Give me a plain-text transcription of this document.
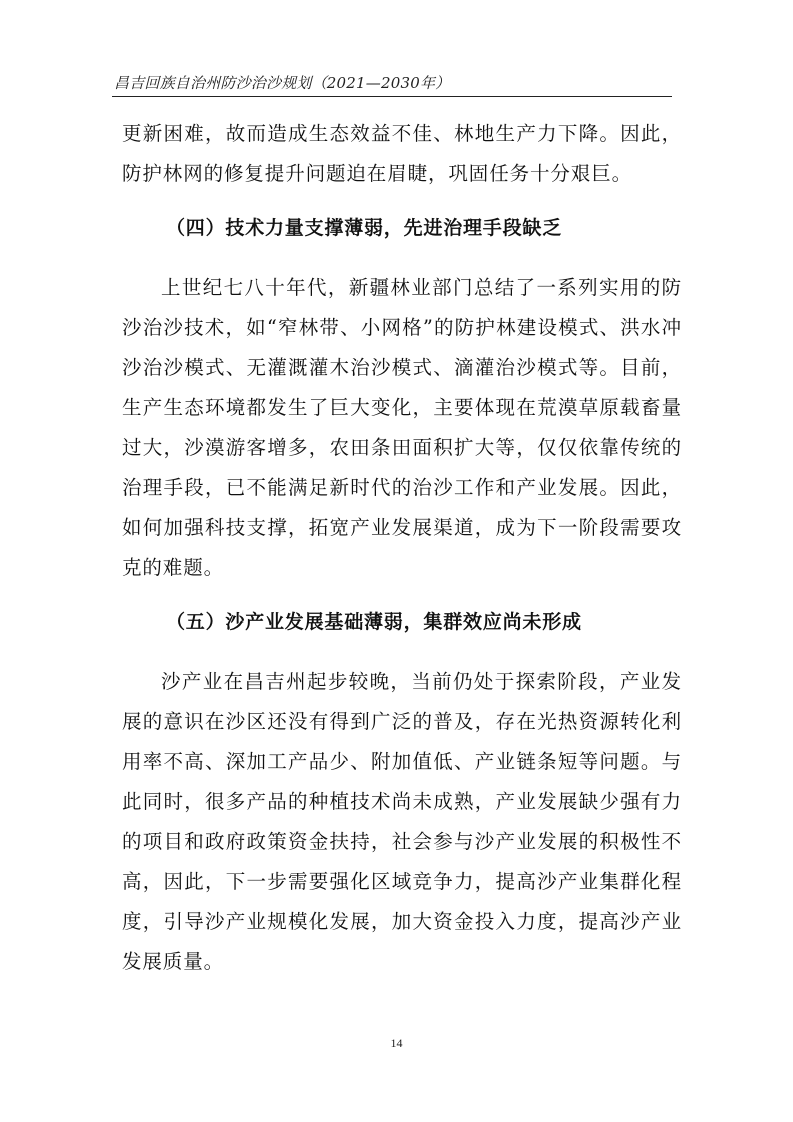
昌吉回族自治州防沙治沙规划（2021—2030年）

更新困难，故而造成生态效益不佳、林地生产力下降。因此，防护林网的修复提升问题迫在眉睫，巩固任务十分艰巨。

（四）技术力量支撑薄弱，先进治理手段缺乏

上世纪七八十年代，新疆林业部门总结了一系列实用的防沙治沙技术，如“窄林带、小网格”的防护林建设模式、洪水冲沙治沙模式、无灌溉灌木治沙模式、滴灌治沙模式等。目前，生产生态环境都发生了巨大变化，主要体现在荒漠草原载畜量过大，沙漠游客增多，农田条田面积扩大等，仅仅依靠传统的治理手段，已不能满足新时代的治沙工作和产业发展。因此，如何加强科技支撑，拓宽产业发展渠道，成为下一阶段需要攻克的难题。

（五）沙产业发展基础薄弱，集群效应尚未形成

沙产业在昌吉州起步较晚，当前仍处于探索阶段，产业发展的意识在沙区还没有得到广泛的普及，存在光热资源转化利用率不高、深加工产品少、附加值低、产业链条短等问题。与此同时，很多产品的种植技术尚未成熟，产业发展缺少强有力的项目和政府政策资金扶持，社会参与沙产业发展的积极性不高，因此，下一步需要强化区域竞争力，提高沙产业集群化程度，引导沙产业规模化发展，加大资金投入力度，提高沙产业发展质量。

14
